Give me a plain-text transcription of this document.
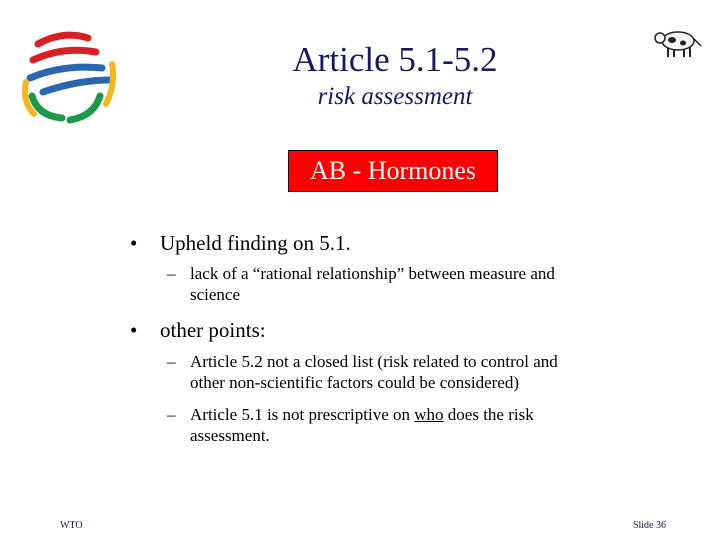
Article 5.1-5.2
risk assessment
AB - Hormones
• Upheld finding on 5.1.
– lack of a “rational relationship” between measure and
science
• other points:
– Article 5.2 not a closed list (risk related to control and
other non-scientific factors could be considered)
– Article 5.1 is not prescriptive on who does the risk
assessment.
WTO	Slide 36
